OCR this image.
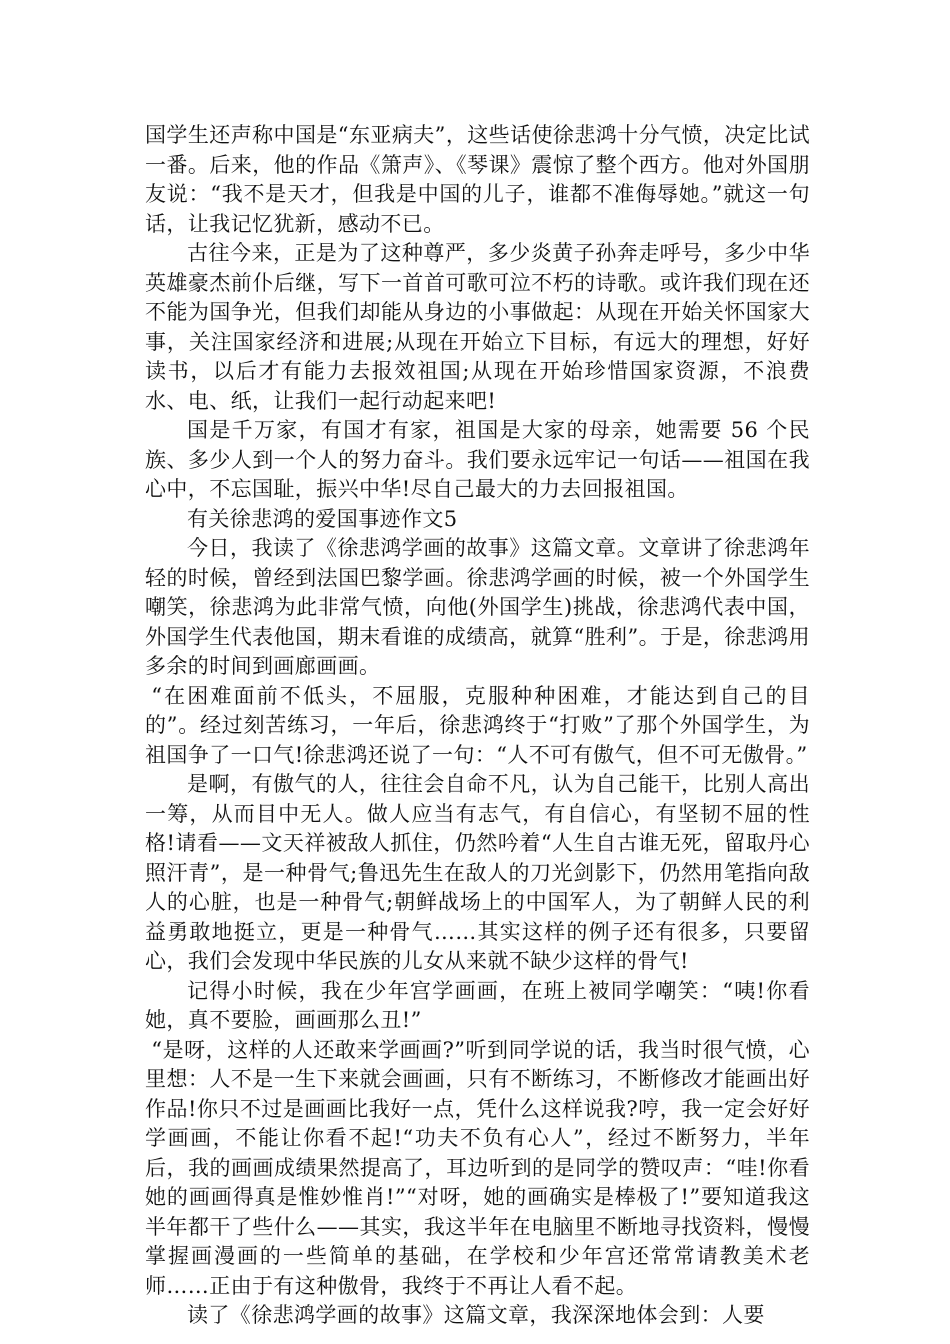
国学生还声称中国是“东亚病夫”，这些话使徐悲鸿十分气愤，决定比试一番。后来，他的作品《箫声》、《琴课》震惊了整个西方。他对外国朋友说：“我不是天才，但我是中国的儿子，谁都不准侮辱她。”就这一句话，让我记忆犹新，感动不已。

古往今来，正是为了这种尊严，多少炎黄子孙奔走呼号，多少中华英雄豪杰前仆后继，写下一首首可歌可泣不朽的诗歌。或许我们现在还不能为国争光，但我们却能从身边的小事做起：从现在开始关怀国家大事，关注国家经济和进展;从现在开始立下目标，有远大的理想，好好读书，以后才有能力去报效祖国;从现在开始珍惜国家资源，不浪费水、电、纸，让我们一起行动起来吧!

国是千万家，有国才有家，祖国是大家的母亲，她需要 56 个民族、多少人到一个人的努力奋斗。我们要永远牢记一句话——祖国在我心中，不忘国耻，振兴中华!尽自己最大的力去回报祖国。

有关徐悲鸿的爱国事迹作文5

今日，我读了《徐悲鸿学画的故事》这篇文章。文章讲了徐悲鸿年轻的时候，曾经到法国巴黎学画。徐悲鸿学画的时候，被一个外国学生嘲笑，徐悲鸿为此非常气愤，向他(外国学生)挑战，徐悲鸿代表中国，外国学生代表他国，期末看谁的成绩高，就算“胜利”。于是，徐悲鸿用多余的时间到画廊画画。

“在困难面前不低头，不屈服，克服种种困难，才能达到自己的目的”。经过刻苦练习，一年后，徐悲鸿终于“打败”了那个外国学生，为祖国争了一口气!徐悲鸿还说了一句：“人不可有傲气，但不可无傲骨。”

是啊，有傲气的人，往往会自命不凡，认为自己能干，比别人高出一筹，从而目中无人。做人应当有志气，有自信心，有坚韧不屈的性格!请看——文天祥被敌人抓住，仍然吟着“人生自古谁无死，留取丹心照汗青”，是一种骨气;鲁迅先生在敌人的刀光剑影下，仍然用笔指向敌人的心脏，也是一种骨气;朝鲜战场上的中国军人，为了朝鲜人民的利益勇敢地挺立，更是一种骨气……其实这样的例子还有很多，只要留心，我们会发现中华民族的儿女从来就不缺少这样的骨气!

记得小时候，我在少年宫学画画，在班上被同学嘲笑：“咦!你看她，真不要脸，画画那么丑!”

“是呀，这样的人还敢来学画画?”听到同学说的话，我当时很气愤，心里想：人不是一生下来就会画画，只有不断练习，不断修改才能画出好作品!你只不过是画画比我好一点，凭什么这样说我?哼，我一定会好好学画画，不能让你看不起!“功夫不负有心人”，经过不断努力，半年后，我的画画成绩果然提高了，耳边听到的是同学的赞叹声：“哇!你看她的画画得真是惟妙惟肖!”“对呀，她的画确实是棒极了!”要知道我这半年都干了些什么——其实，我这半年在电脑里不断地寻找资料，慢慢掌握画漫画的一些简单的基础，在学校和少年宫还常常请教美术老师……正由于有这种傲骨，我终于不再让人看不起。

读了《徐悲鸿学画的故事》这篇文章，我深深地体会到：人要
